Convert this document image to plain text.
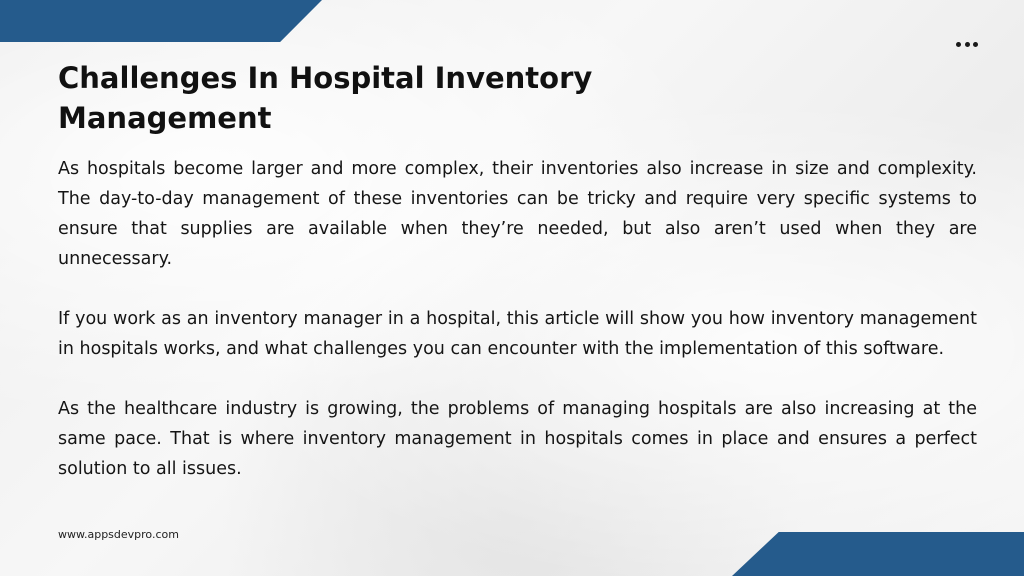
Challenges In Hospital Inventory Management

As hospitals become larger and more complex, their inventories also increase in size and complexity. The day-to-day management of these inventories can be tricky and require very specific systems to ensure that supplies are available when they’re needed, but also aren’t used when they are unnecessary.

If you work as an inventory manager in a hospital, this article will show you how inventory management in hospitals works, and what challenges you can encounter with the implementation of this software.

As the healthcare industry is growing, the problems of managing hospitals are also increasing at the same pace. That is where inventory management in hospitals comes in place and ensures a perfect solution to all issues.

www.appsdevpro.com
